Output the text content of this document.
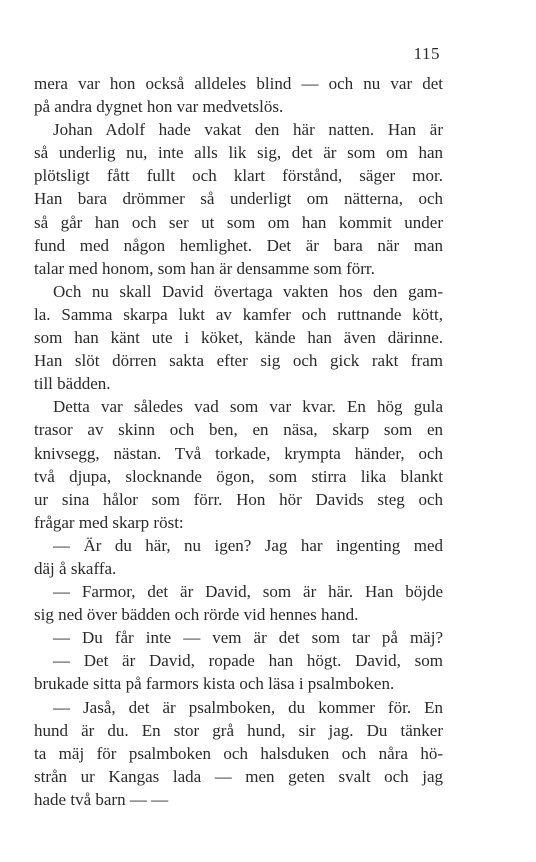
115
mera var hon också alldeles blind — och nu var det
på andra dygnet hon var medvetslös.
Johan Adolf hade vakat den här natten. Han är
så underlig nu, inte alls lik sig, det är som om han
plötsligt fått fullt och klart förstånd, säger mor.
Han bara drömmer så underligt om nätterna, och
så går han och ser ut som om han kommit under
fund med någon hemlighet. Det är bara när man
talar med honom, som han är densamme som förr.
Och nu skall David övertaga vakten hos den gam-
la. Samma skarpa lukt av kamfer och ruttnande kött,
som han känt ute i köket, kände han även därinne.
Han slöt dörren sakta efter sig och gick rakt fram
till bädden.
Detta var således vad som var kvar. En hög gula
trasor av skinn och ben, en näsa, skarp som en
knivsegg, nästan. Två torkade, krympta händer, och
två djupa, slocknande ögon, som stirra lika blankt
ur sina hålor som förr. Hon hör Davids steg och
frågar med skarp röst:
— Är du här, nu igen? Jag har ingenting med
däj å skaffa.
— Farmor, det är David, som är här. Han böjde
sig ned över bädden och rörde vid hennes hand.
— Du får inte — vem är det som tar på mäj?
— Det är David, ropade han högt. David, som
brukade sitta på farmors kista och läsa i psalmboken.
— Jaså, det är psalmboken, du kommer för. En
hund är du. En stor grå hund, sir jag. Du tänker
ta mäj för psalmboken och halsduken och nåra hö-
strån ur Kangas lada — men geten svalt och jag
hade två barn — —
